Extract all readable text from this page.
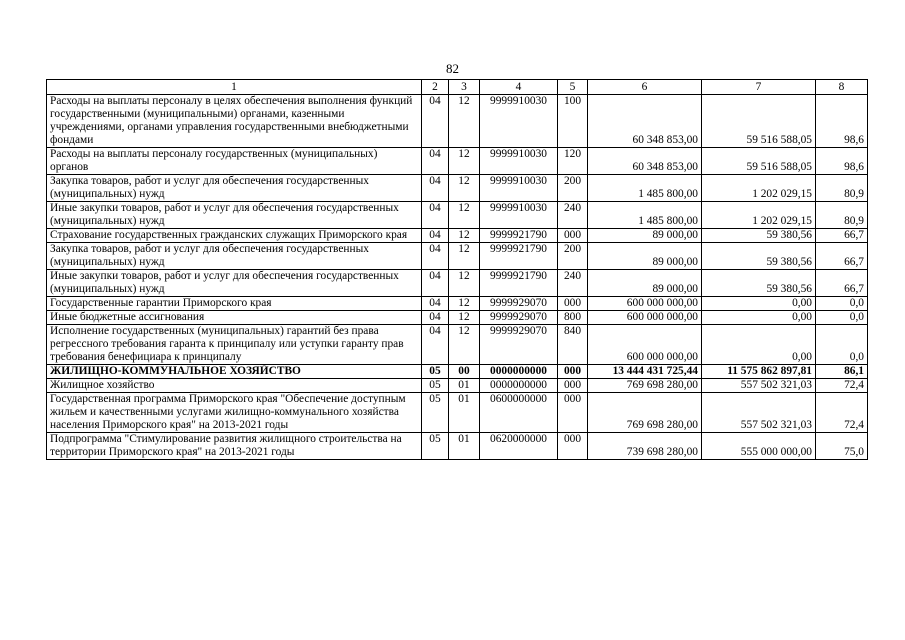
82
1	2	3	4	5	6	7	8
Расходы на выплаты персоналу в целях обеспечения выполнения функций государственными (муниципальными) органами, казенными учреждениями, органами управления государственными внебюджетными фондами	04	12	9999910030	100	60 348 853,00	59 516 588,05	98,6
Расходы на выплаты персоналу государственных (муниципальных) органов	04	12	9999910030	120	60 348 853,00	59 516 588,05	98,6
Закупка товаров, работ и услуг для обеспечения государственных (муниципальных) нужд	04	12	9999910030	200	1 485 800,00	1 202 029,15	80,9
Иные закупки товаров, работ и услуг для обеспечения государственных (муниципальных) нужд	04	12	9999910030	240	1 485 800,00	1 202 029,15	80,9
Страхование государственных гражданских служащих Приморского края	04	12	9999921790	000	89 000,00	59 380,56	66,7
Закупка товаров, работ и услуг для обеспечения государственных (муниципальных) нужд	04	12	9999921790	200	89 000,00	59 380,56	66,7
Иные закупки товаров, работ и услуг для обеспечения государственных (муниципальных) нужд	04	12	9999921790	240	89 000,00	59 380,56	66,7
Государственные гарантии Приморского края	04	12	9999929070	000	600 000 000,00	0,00	0,0
Иные бюджетные ассигнования	04	12	9999929070	800	600 000 000,00	0,00	0,0
Исполнение государственных (муниципальных) гарантий без права регрессного требования гаранта к принципалу или уступки гаранту прав требования бенефициара к принципалу	04	12	9999929070	840	600 000 000,00	0,00	0,0
ЖИЛИЩНО-КОММУНАЛЬНОЕ ХОЗЯЙСТВО	05	00	0000000000	000	13 444 431 725,44	11 575 862 897,81	86,1
Жилищное хозяйство	05	01	0000000000	000	769 698 280,00	557 502 321,03	72,4
Государственная программа Приморского края "Обеспечение доступным жильем и качественными услугами жилищно-коммунального хозяйства населения Приморского края" на 2013-2021 годы	05	01	0600000000	000	769 698 280,00	557 502 321,03	72,4
Подпрограмма "Стимулирование развития жилищного строительства на территории Приморского края" на 2013-2021 годы	05	01	0620000000	000	739 698 280,00	555 000 000,00	75,0
